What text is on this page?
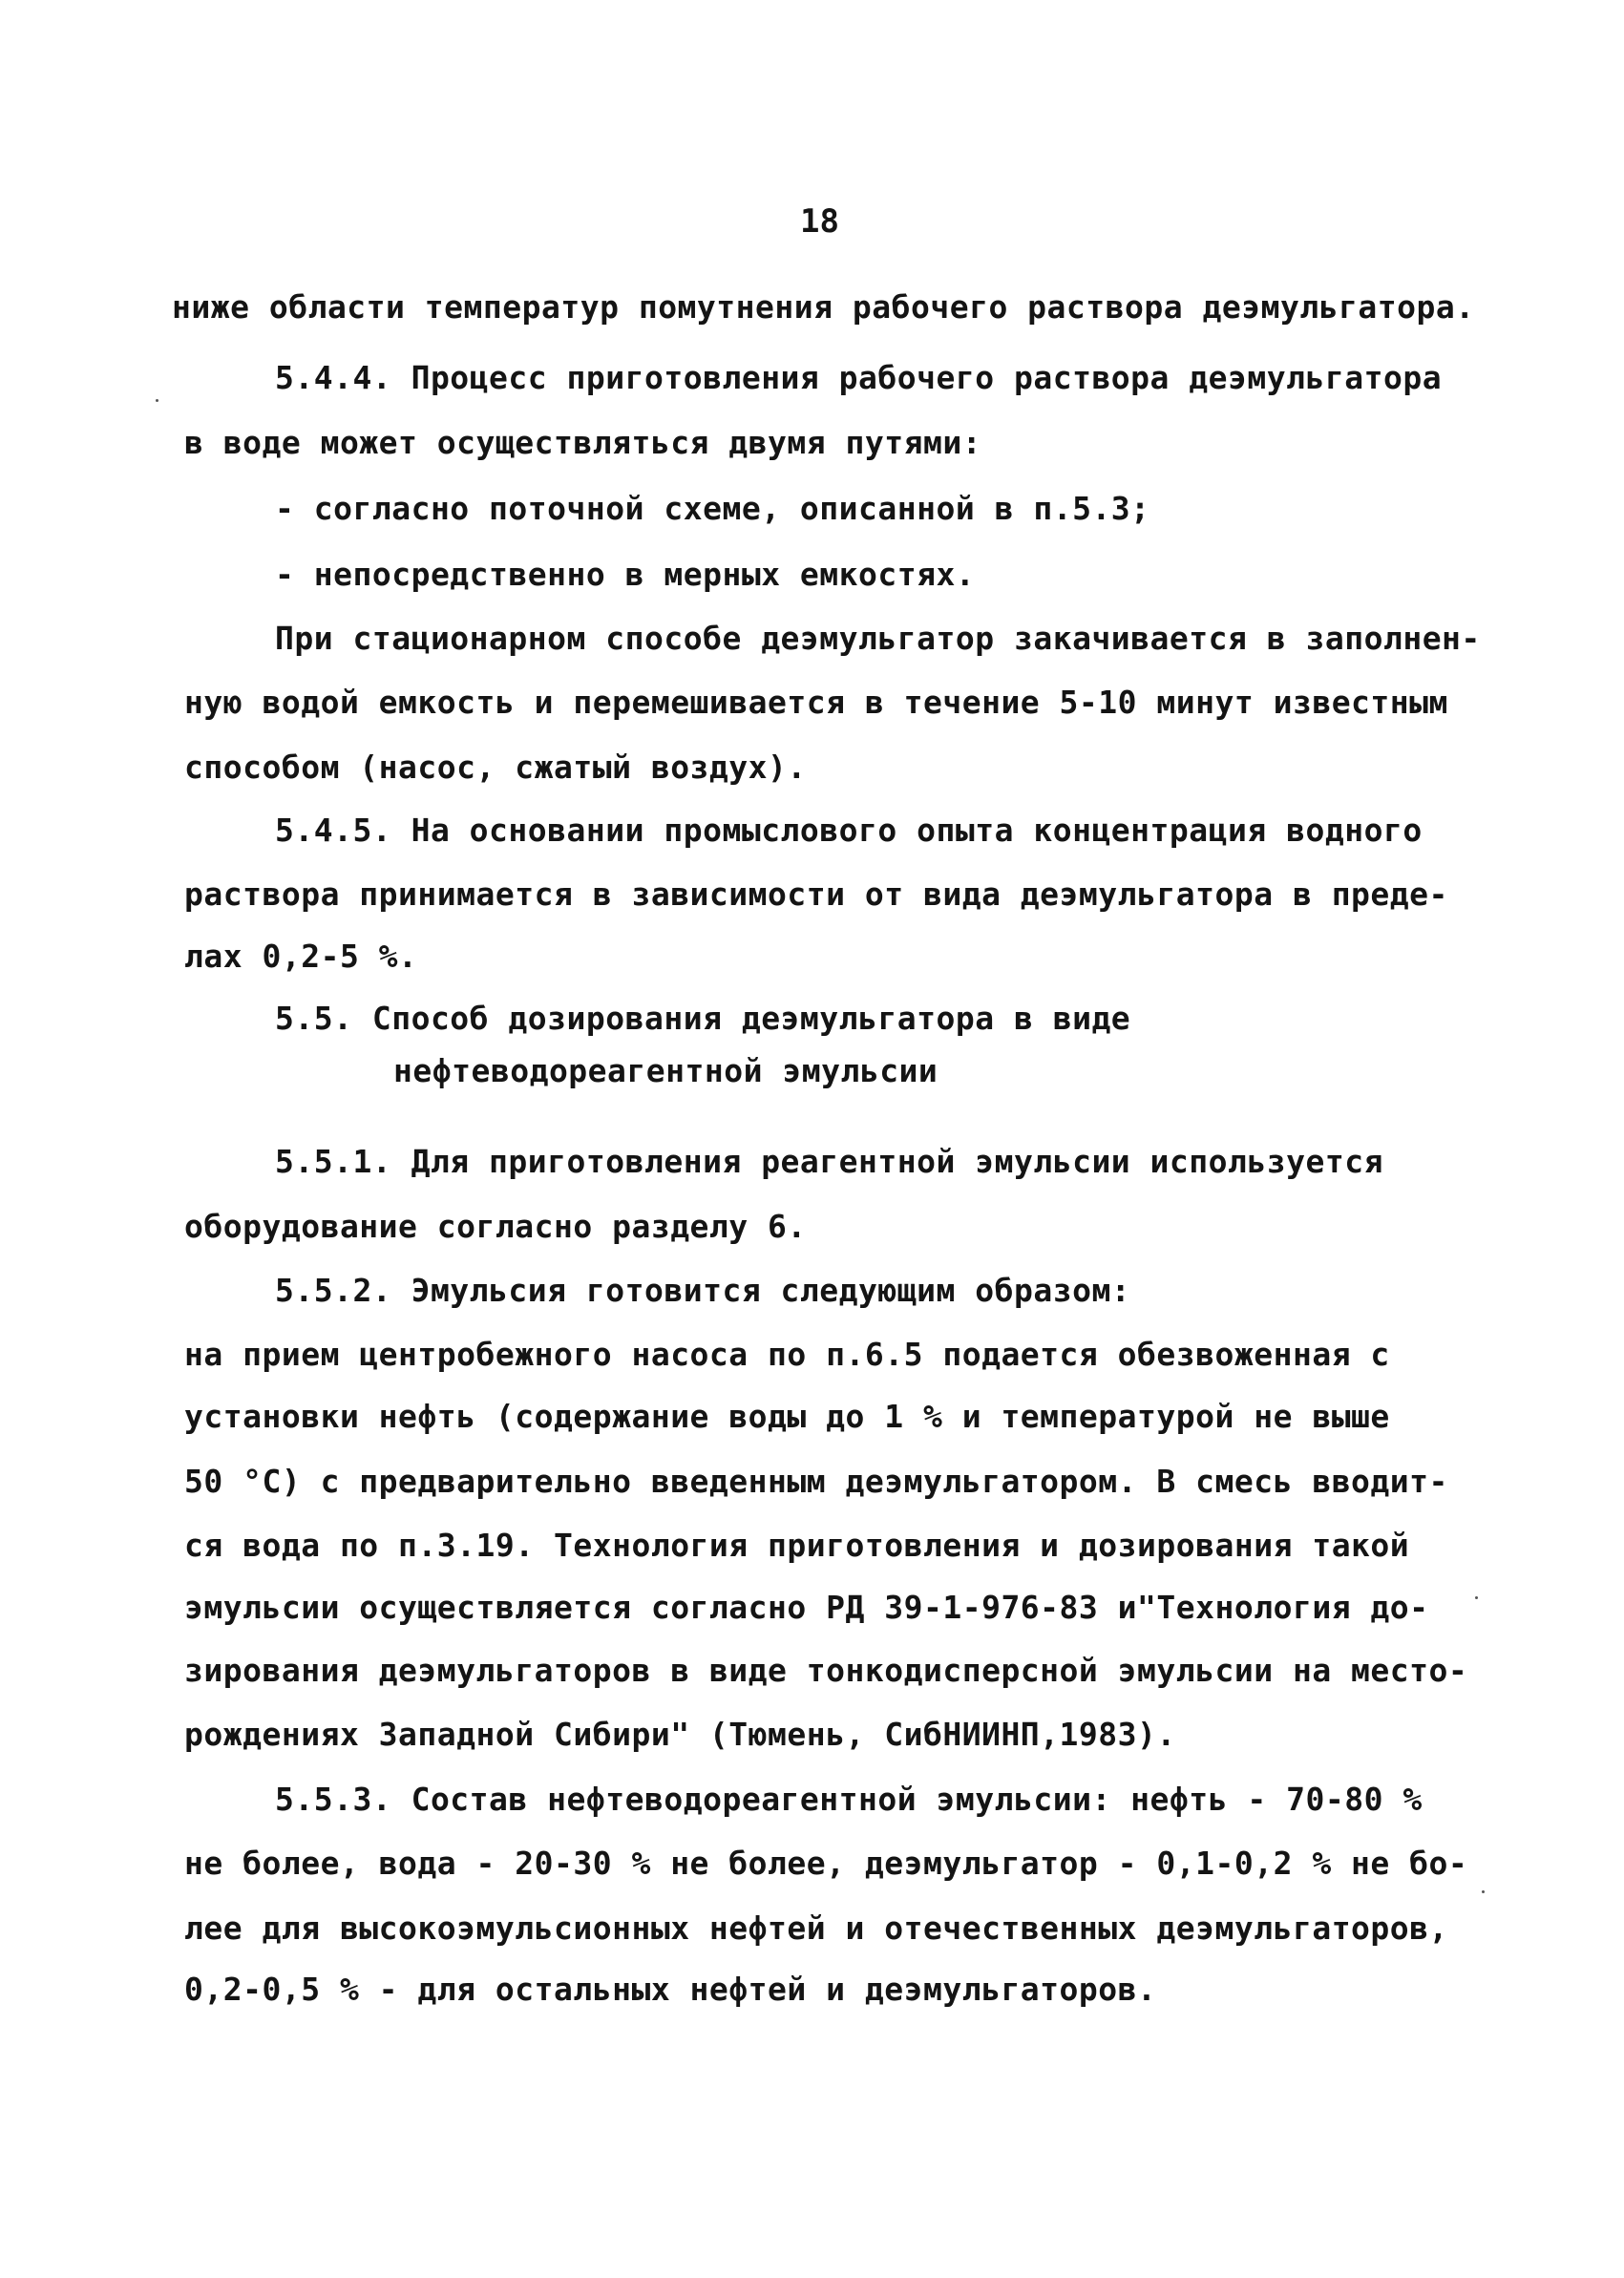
18
ниже области температур помутнения рабочего раствора деэмульгатора.
5.4.4. Процесс приготовления рабочего раствора деэмульгатора
в воде может осуществляться двумя путями:
- согласно поточной схеме, описанной в п.5.3;
- непосредственно в мерных емкостях.
При стационарном способе деэмульгатор закачивается в заполнен-
ную водой емкость и перемешивается в течение 5-10 минут известным
способом (насос, сжатый воздух).
5.4.5. На основании промыслового опыта концентрация водного
раствора принимается в зависимости от вида деэмульгатора в преде-
лах 0,2-5 %.
5.5. Способ дозирования деэмульгатора в виде
нефтеводореагентной эмульсии
5.5.1. Для приготовления реагентной эмульсии используется
оборудование согласно разделу 6.
5.5.2. Эмульсия готовится следующим образом:
на прием центробежного насоса по п.6.5 подается обезвоженная с
установки нефть (содержание воды до 1 % и температурой не выше
50 °С) с предварительно введенным деэмульгатором. В смесь вводит-
ся вода по п.3.19. Технология приготовления и дозирования такой
эмульсии осуществляется согласно РД 39-1-976-83 и"Технология до-
зирования деэмульгаторов в виде тонкодисперсной эмульсии на место-
рождениях Западной Сибири" (Тюмень, СибНИИНП,1983).
5.5.3. Состав нефтеводореагентной эмульсии: нефть - 70-80 %
не более, вода - 20-30 % не более, деэмульгатор - 0,1-0,2 % не бо-
лее для высокоэмульсионных нефтей и отечественных деэмульгаторов,
0,2-0,5 % - для остальных нефтей и деэмульгаторов.
